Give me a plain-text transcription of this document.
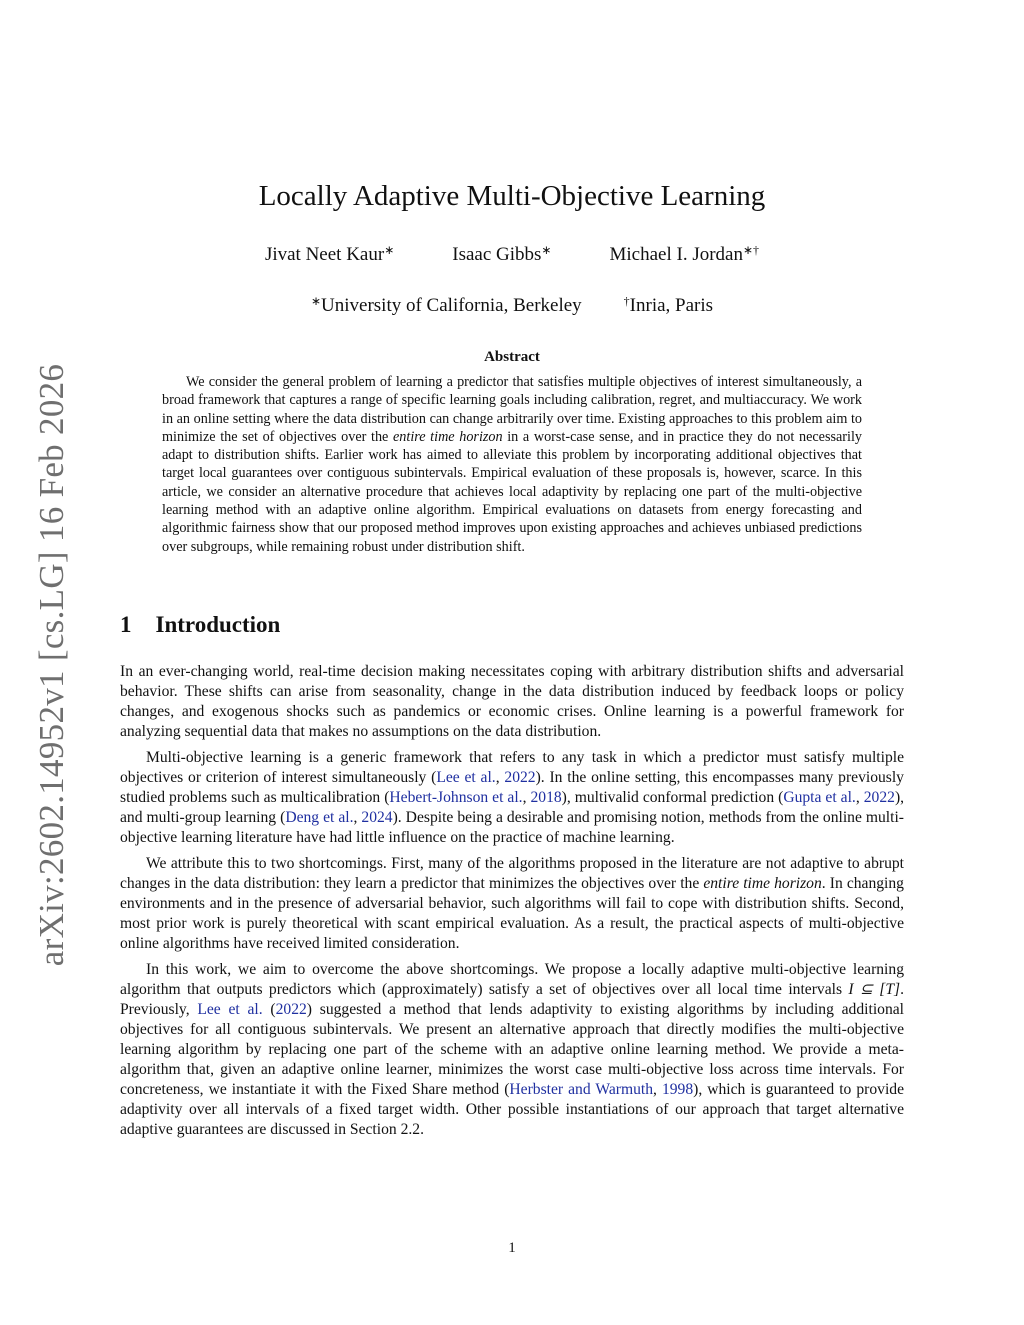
arXiv:2602.14952v1 [cs.LG] 16 Feb 2026
Locally Adaptive Multi-Objective Learning
Jivat Neet Kaur∗	Isaac Gibbs∗	Michael I. Jordan∗†
∗University of California, Berkeley	†Inria, Paris
Abstract

We consider the general problem of learning a predictor that satisfies multiple objectives of interest simultaneously, a broad framework that captures a range of specific learning goals including calibration, regret, and multiaccuracy. We work in an online setting where the data distribution can change arbitrarily over time. Existing approaches to this problem aim to minimize the set of objectives over the entire time horizon in a worst-case sense, and in practice they do not necessarily adapt to distribution shifts. Earlier work has aimed to alleviate this problem by incorporating additional objectives that target local guarantees over contiguous subintervals. Empirical evaluation of these proposals is, however, scarce. In this article, we consider an alternative procedure that achieves local adaptivity by replacing one part of the multi-objective learning method with an adaptive online algorithm. Empirical evaluations on datasets from energy forecasting and algorithmic fairness show that our proposed method improves upon existing approaches and achieves unbiased predictions over subgroups, while remaining robust under distribution shift.

1 Introduction

In an ever-changing world, real-time decision making necessitates coping with arbitrary distribution shifts and adversarial behavior. These shifts can arise from seasonality, change in the data distribution induced by feedback loops or policy changes, and exogenous shocks such as pandemics or economic crises. Online learning is a powerful framework for analyzing sequential data that makes no assumptions on the data distribution.

Multi-objective learning is a generic framework that refers to any task in which a predictor must satisfy multiple objectives or criterion of interest simultaneously (Lee et al., 2022). In the online setting, this encompasses many previously studied problems such as multicalibration (Hebert-Johnson et al., 2018), multivalid conformal prediction (Gupta et al., 2022), and multi-group learning (Deng et al., 2024). Despite being a desirable and promising notion, methods from the online multi-objective learning literature have had little influence on the practice of machine learning.

We attribute this to two shortcomings. First, many of the algorithms proposed in the literature are not adaptive to abrupt changes in the data distribution: they learn a predictor that minimizes the objectives over the entire time horizon. In changing environments and in the presence of adversarial behavior, such algorithms will fail to cope with distribution shifts. Second, most prior work is purely theoretical with scant empirical evaluation. As a result, the practical aspects of multi-objective online algorithms have received limited consideration.

In this work, we aim to overcome the above shortcomings. We propose a locally adaptive multi-objective learning algorithm that outputs predictors which (approximately) satisfy a set of objectives over all local time intervals I ⊆ [T]. Previously, Lee et al. (2022) suggested a method that lends adaptivity to existing algorithms by including additional objectives for all contiguous subintervals. We present an alternative approach that directly modifies the multi-objective learning algorithm by replacing one part of the scheme with an adaptive online learning method. We provide a meta-algorithm that, given an adaptive online learner, minimizes the worst case multi-objective loss across time intervals. For concreteness, we instantiate it with the Fixed Share method (Herbster and Warmuth, 1998), which is guaranteed to provide adaptivity over all intervals of a fixed target width. Other possible instantiations of our approach that target alternative adaptive guarantees are discussed in Section 2.2.

1
